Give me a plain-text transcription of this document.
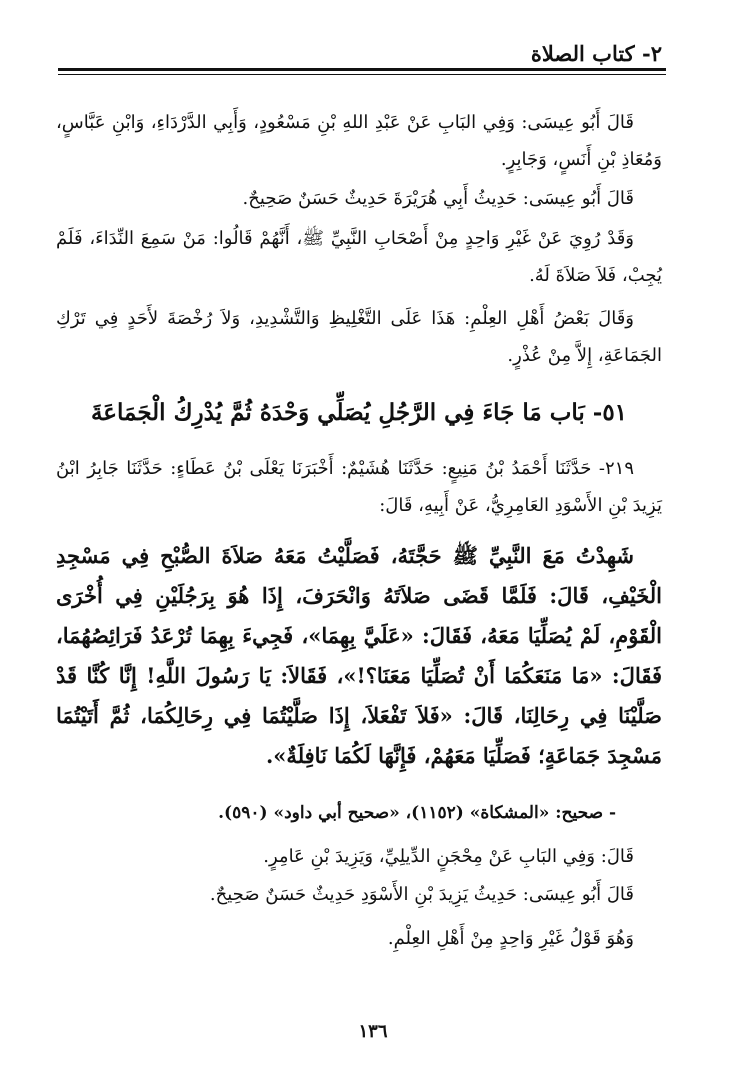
٢- كتاب الصلاة
قَالَ أَبُو عِيسَى: وَفِي البَابِ عَنْ عَبْدِ اللهِ بْنِ مَسْعُودٍ، وَأَبِي الدَّرْدَاءِ، وَابْنِ عَبَّاسٍ، وَمُعَاذِ بْنِ أَنَسٍ، وَجَابِرٍ.
قَالَ أَبُو عِيسَى: حَدِيثُ أَبِي هُرَيْرَةَ حَدِيثٌ حَسَنٌ صَحِيحٌ.
وَقَدْ رُوِيَ عَنْ غَيْرِ وَاحِدٍ مِنْ أَصْحَابِ النَّبِيِّ ﷺ، أَنَّهُمْ قَالُوا: مَنْ سَمِعَ النِّدَاءَ، فَلَمْ يُجِبْ، فَلاَ صَلاَةَ لَهُ.
وَقَالَ بَعْضُ أَهْلِ العِلْمِ: هَذَا عَلَى التَّغْلِيظِ وَالتَّشْدِيدِ، وَلاَ رُخْصَةَ لأَحَدٍ فِي تَرْكِ الجَمَاعَةِ، إِلاَّ مِنْ عُذْرٍ.
٥١- بَاب مَا جَاءَ فِي الرَّجُلِ يُصَلِّي وَحْدَهُ ثُمَّ يُدْرِكُ الْجَمَاعَةَ
٢١٩- حَدَّثَنَا أَحْمَدُ بْنُ مَنِيعٍ: حَدَّثَنَا هُشَيْمٌ: أَخْبَرَنَا يَعْلَى بْنُ عَطَاءٍ: حَدَّثَنَا جَابِرُ ابْنُ يَزِيدَ بْنِ الأَسْوَدِ العَامِرِيُّ، عَنْ أَبِيهِ، قَالَ:
شَهِدْتُ مَعَ النَّبِيِّ ﷺ حَجَّتَهُ، فَصَلَّيْتُ مَعَهُ صَلاَةَ الصُّبْحِ فِي مَسْجِدِ الْخَيْفِ، قَالَ: فَلَمَّا قَضَى صَلاَتَهُ وَانْحَرَفَ، إِذَا هُوَ بِرَجُلَيْنِ فِي أُخْرَى الْقَوْمِ، لَمْ يُصَلِّيَا مَعَهُ، فَقَالَ: «عَلَيَّ بِهِمَا»، فَجِيءَ بِهِمَا تُرْعَدُ فَرَائِصُهُمَا، فَقَالَ: «مَا مَنَعَكُمَا أَنْ تُصَلِّيَا مَعَنَا؟!»، فَقَالاَ: يَا رَسُولَ اللَّهِ! إِنَّا كُنَّا قَدْ صَلَّيْنَا فِي رِحَالِنَا، قَالَ: «فَلاَ تَفْعَلاَ، إِذَا صَلَّيْتُمَا فِي رِحَالِكُمَا، ثُمَّ أَتَيْتُمَا مَسْجِدَ جَمَاعَةٍ؛ فَصَلِّيَا مَعَهُمْ، فَإِنَّهَا لَكُمَا نَافِلَةٌ».
- صحيح: «المشكاة» (١١٥٢)، «صحيح أبي داود» (٥٩٠).
قَالَ: وَفِي البَابِ عَنْ مِحْجَنٍ الدِّيلِيِّ، وَيَزِيدَ بْنِ عَامِرٍ.
قَالَ أَبُو عِيسَى: حَدِيثُ يَزِيدَ بْنِ الأَسْوَدِ حَدِيثٌ حَسَنٌ صَحِيحٌ.
وَهُوَ قَوْلُ غَيْرِ وَاحِدٍ مِنْ أَهْلِ العِلْمِ.
١٣٦
